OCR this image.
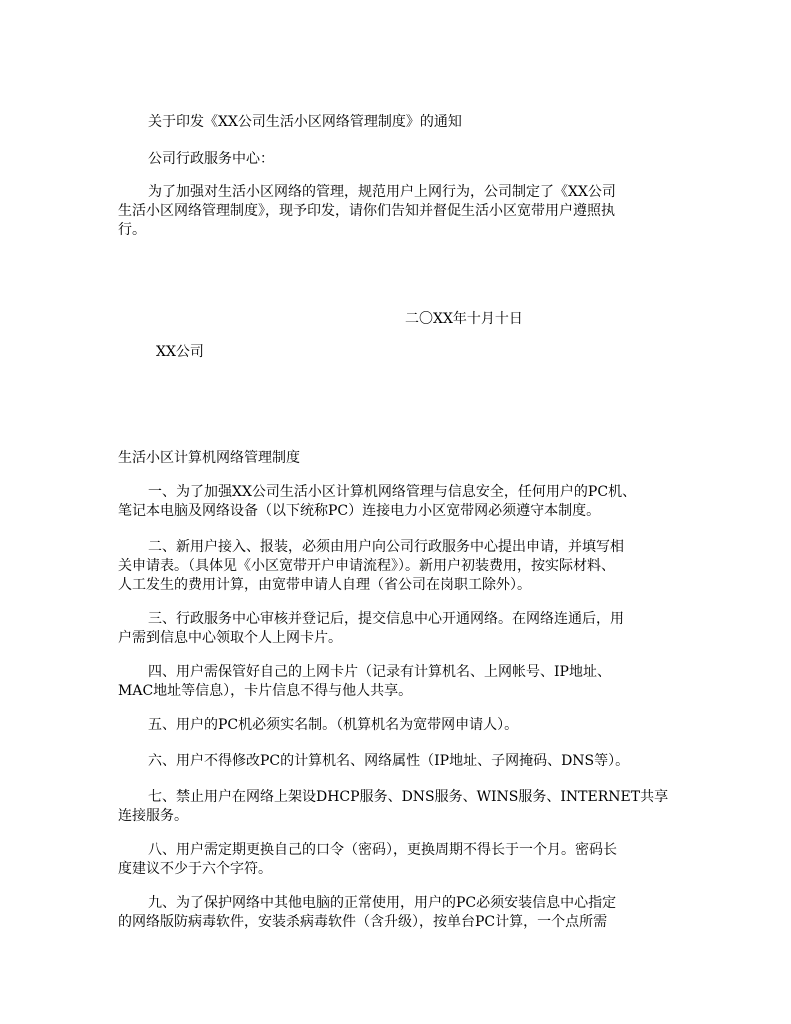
关于印发《XX公司生活小区网络管理制度》的通知

公司行政服务中心：

为了加强对生活小区网络的管理，规范用户上网行为，公司制定了《XX公司

生活小区网络管理制度》，现予印发，请你们告知并督促生活小区宽带用户遵照执

行。

二〇XX年十月十日

XX公司

生活小区计算机网络管理制度

一、为了加强XX公司生活小区计算机网络管理与信息安全，任何用户的PC机、

笔记本电脑及网络设备（以下统称PC）连接电力小区宽带网必须遵守本制度。

二、新用户接入、报装，必须由用户向公司行政服务中心提出申请，并填写相

关申请表。（具体见《小区宽带开户申请流程》）。新用户初装费用，按实际材料、

人工发生的费用计算，由宽带申请人自理（省公司在岗职工除外）。

三、行政服务中心审核并登记后，提交信息中心开通网络。在网络连通后，用

户需到信息中心领取个人上网卡片。

四、用户需保管好自己的上网卡片（记录有计算机名、上网帐号、IP地址、

MAC地址等信息），卡片信息不得与他人共享。

五、用户的PC机必须实名制。（机算机名为宽带网申请人）。

六、用户不得修改PC的计算机名、网络属性（IP地址、子网掩码、DNS等）。

七、禁止用户在网络上架设DHCP服务、DNS服务、WINS服务、INTERNET共享

连接服务。

八、用户需定期更换自己的口令（密码），更换周期不得长于一个月。密码长

度建议不少于六个字符。

九、为了保护网络中其他电脑的正常使用，用户的PC必须安装信息中心指定

的网络版防病毒软件，安装杀病毒软件（含升级），按单台PC计算，一个点所需
